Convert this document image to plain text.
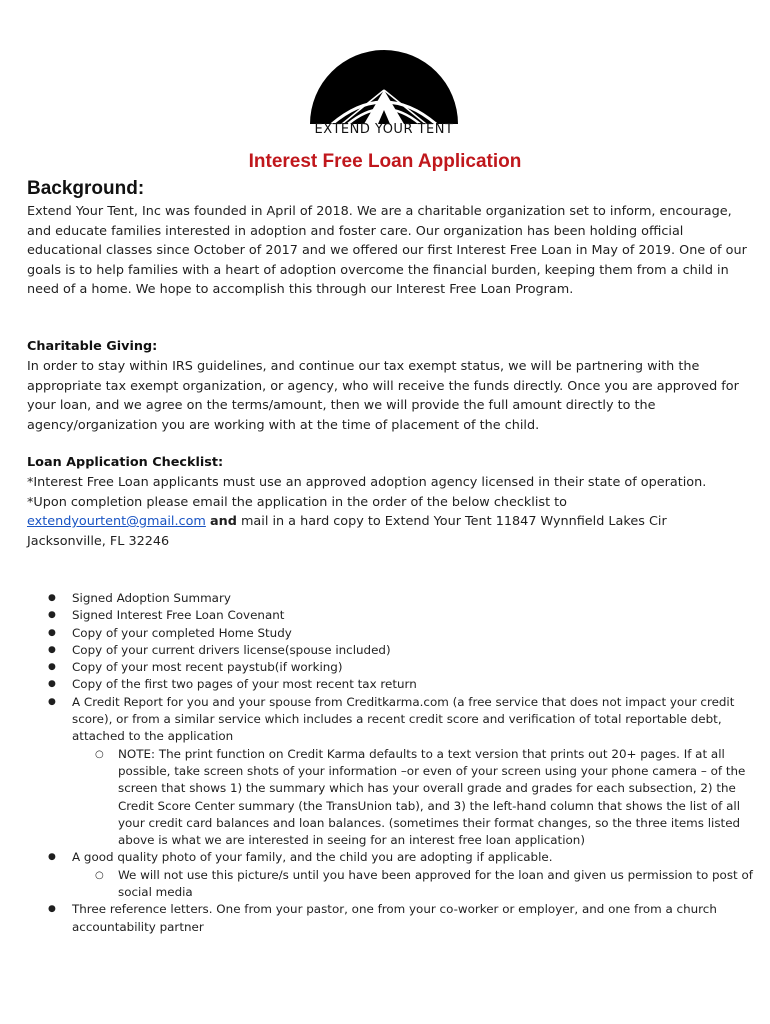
EXTEND YOUR TENT
Interest Free Loan Application
Background:

Extend Your Tent, Inc was founded in April of 2018. We are a charitable organization set to inform, encourage, and educate families interested in adoption and foster care. Our organization has been holding official educational classes since October of 2017 and we offered our first Interest Free Loan in May of 2019. One of our goals is to help families with a heart of adoption overcome the financial burden, keeping them from a child in need of a home. We hope to accomplish this through our Interest Free Loan Program.

Charitable Giving:

In order to stay within IRS guidelines, and continue our tax exempt status, we will be partnering with the appropriate tax exempt organization, or agency, who will receive the funds directly. Once you are approved for your loan, and we agree on the terms/amount, then we will provide the full amount directly to the agency/organization you are working with at the time of placement of the child.

Loan Application Checklist:
*Interest Free Loan applicants must use an approved adoption agency licensed in their state of operation.
*Upon completion please email the application in the order of the below checklist to extendyourtent@gmail.com and mail in a hard copy to Extend Your Tent 11847 Wynnfield Lakes Cir Jacksonville, FL 32246
● Signed Adoption Summary
● Signed Interest Free Loan Covenant
● Copy of your completed Home Study
● Copy of your current drivers license(spouse included)
● Copy of your most recent paystub(if working)
● Copy of the first two pages of your most recent tax return
● A Credit Report for you and your spouse from Creditkarma.com (a free service that does not impact your credit score), or from a similar service which includes a recent credit score and verification of total reportable debt, attached to the application
○ NOTE: The print function on Credit Karma defaults to a text version that prints out 20+ pages. If at all possible, take screen shots of your information –or even of your screen using your phone camera – of the screen that shows 1) the summary which has your overall grade and grades for each subsection, 2) the Credit Score Center summary (the TransUnion tab), and 3) the left-hand column that shows the list of all your credit card balances and loan balances. (sometimes their format changes, so the three items listed above is what we are interested in seeing for an interest free loan application)
● A good quality photo of your family, and the child you are adopting if applicable.
○ We will not use this picture/s until you have been approved for the loan and given us permission to post of social media
● Three reference letters. One from your pastor, one from your co-worker or employer, and one from a church accountability partner
